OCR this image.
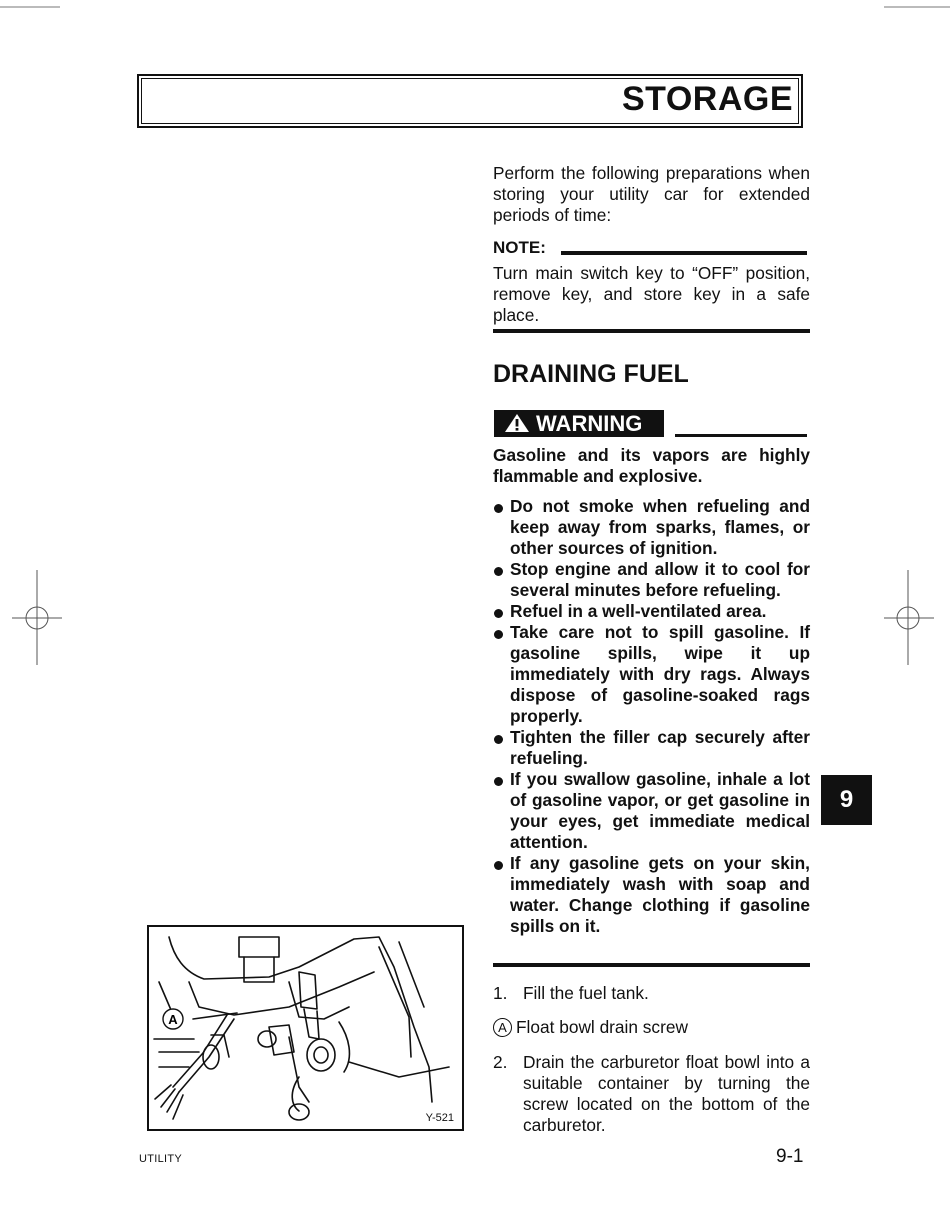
STORAGE
Perform the following preparations when storing your utility car for extended periods of time:
NOTE:
Turn main switch key to “OFF” position, remove key, and store key in a safe place.
DRAINING FUEL
WARNING
Gasoline and its vapors are highly flammable and explosive.
Do not smoke when refueling and keep away from sparks, flames, or other sources of ignition.
Stop engine and allow it to cool for several minutes before refueling.
Refuel in a well-ventilated area.
Take care not to spill gasoline. If gasoline spills, wipe it up immediately with dry rags. Always dispose of gasoline-soaked rags properly.
Tighten the filler cap securely after refueling.
If you swallow gasoline, inhale a lot of gasoline vapor, or get gasoline in your eyes, get immediate medical attention.
If any gasoline gets on your skin, immediately wash with soap and water. Change clothing if gasoline spills on it.
1. Fill the fuel tank.
A Float bowl drain screw
2. Drain the carburetor float bowl into a suitable container by turning the screw located on the bottom of the carburetor.
A
Y-521
9
UTILITY	9-1
